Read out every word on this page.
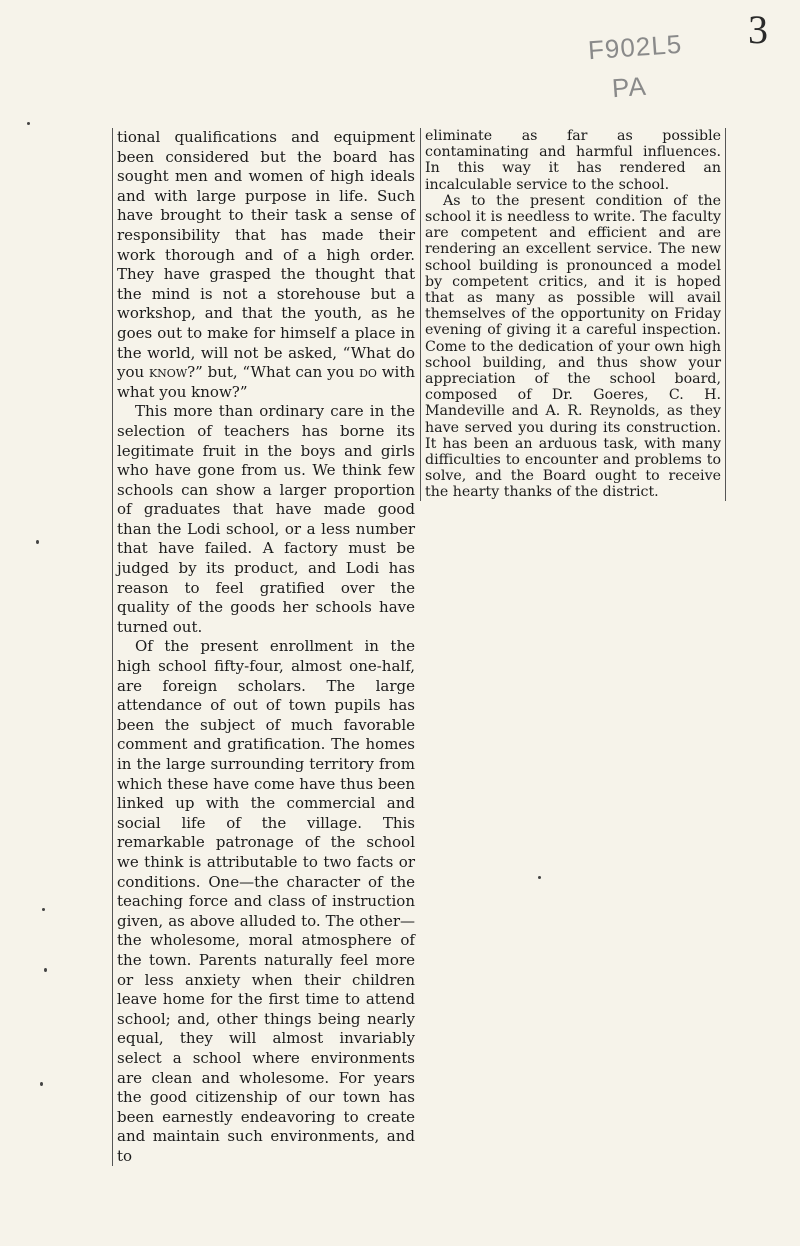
3
F902L5
PA

tional qualifications and equipment been considered but the board has sought men and women of high ideals and with large purpose in life. Such have brought to their task a sense of responsibility that has made their work thorough and of a high order. They have grasped the thought that the mind is not a storehouse but a workshop, and that the youth, as he goes out to make for himself a place in the world, will not be asked, “What do you know?” but, “What can you do with what you know?”

This more than ordinary care in the selection of teachers has borne its legitimate fruit in the boys and girls who have gone from us. We think few schools can show a larger proportion of graduates that have made good than the Lodi school, or a less number that have failed. A factory must be judged by its product, and Lodi has reason to feel gratified over the quality of the goods her schools have turned out.

Of the present enrollment in the high school fifty-four, almost one-half, are foreign scholars. The large attendance of out of town pupils has been the subject of much favorable comment and gratification. The homes in the large surrounding territory from which these have come have thus been linked up with the commercial and social life of the village. This remarkable patronage of the school we think is attributable to two facts or conditions. One—the character of the teaching force and class of instruction given, as above alluded to. The other—the wholesome, moral atmosphere of the town. Parents naturally feel more or less anxiety when their children leave home for the first time to attend school; and, other things being nearly equal, they will almost invariably select a school where environments are clean and wholesome. For years the good citizenship of our town has been earnestly endeavoring to create and maintain such environments, and to

eliminate as far as possible contaminating and harmful influences. In this way it has rendered an incalculable service to the school.

As to the present condition of the school it is needless to write. The faculty are competent and efficient and are rendering an excellent service. The new school building is pronounced a model by competent critics, and it is hoped that as many as possible will avail themselves of the opportunity on Friday evening of giving it a careful inspection. Come to the dedication of your own high school building, and thus show your appreciation of the school board, composed of Dr. Goeres, C. H. Mandeville and A. R. Reynolds, as they have served you during its construction. It has been an arduous task, with many difficulties to encounter and problems to solve, and the Board ought to receive the hearty thanks of the district.
